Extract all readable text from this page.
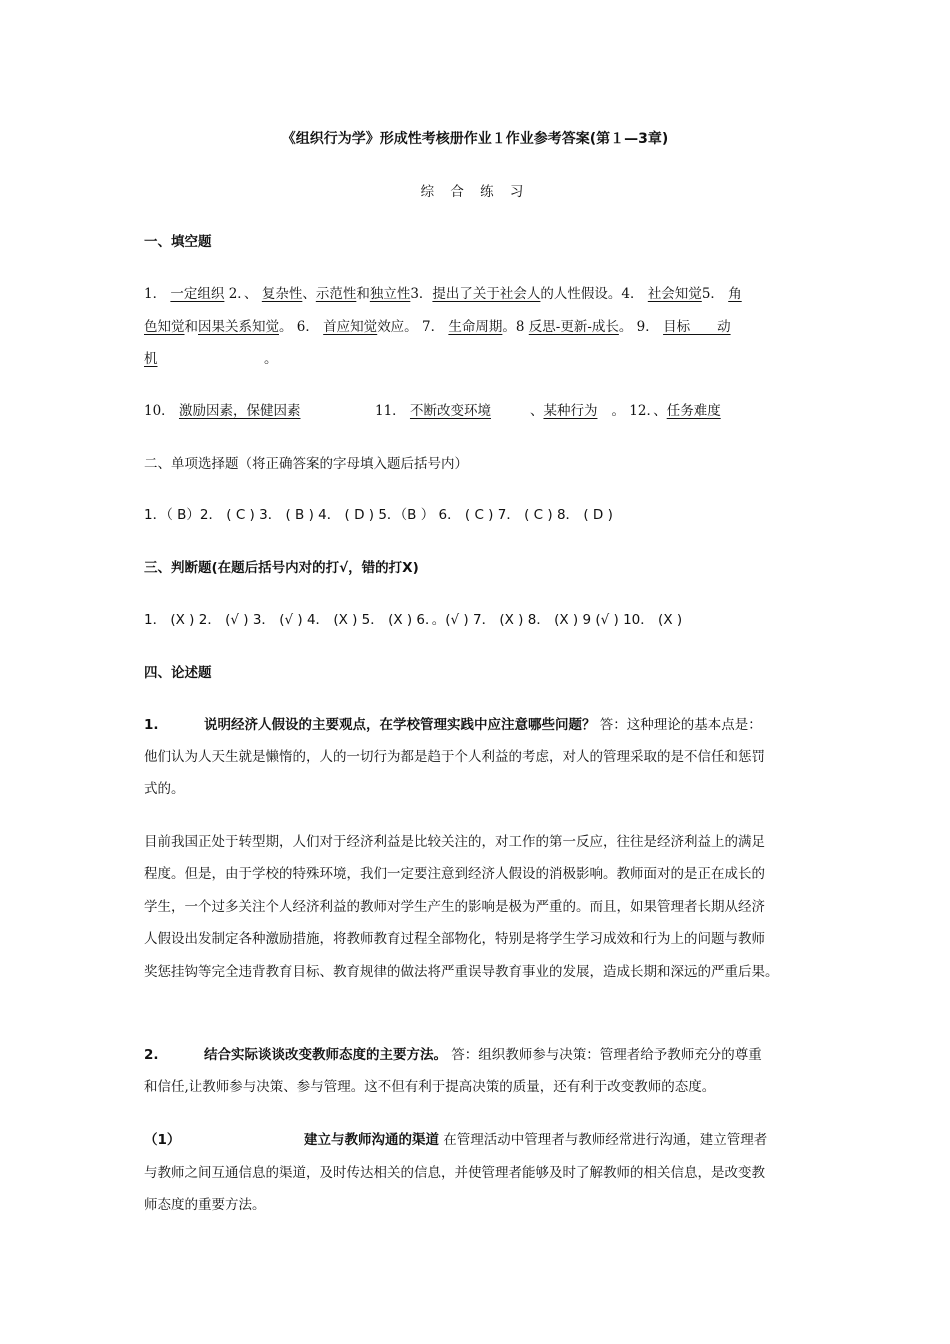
《组织行为学》形成性考核册作业１作业参考答案(第１—3章)
综 合 练 习
一、填空题
1． 一定组织 2．、 复杂性、示范性和独立性3．提出了关于社会人的人性假设。4． 社会知觉5． 角
色知觉和因果关系知觉。 6． 首应知觉效应。 7． 生命周期。8 反思-更新-成长。 9． 目标　　动
机	。
10． 激励因素，保健因素	11． 不断改变环境	、某种行为 。 12．、任务难度
二、单项选择题（将正确答案的字母填入题后括号内）
1．（ B）2． ( C ) 3． ( B ) 4． ( D ) 5．（B ） 6． ( C ) 7． ( C ) 8． ( D )
三、判断题(在题后括号内对的打√，错的打X)
1． (X ) 2． (√ ) 3． (√ ) 4． (X ) 5． (X ) 6．。(√ ) 7． (X ) 8． (X ) 9 (√ ) 10． (X )
四、论述题
1.	说明经济人假设的主要观点，在学校管理实践中应注意哪些问题？ 答：这种理论的基本点是：
他们认为人天生就是懒惰的，人的一切行为都是趋于个人利益的考虑，对人的管理采取的是不信任和惩罚
式的。
目前我国正处于转型期，人们对于经济利益是比较关注的，对工作的第一反应，往往是经济利益上的满足
程度。但是，由于学校的特殊环境，我们一定要注意到经济人假设的消极影响。教师面对的是正在成长的
学生，一个过多关注个人经济利益的教师对学生产生的影响是极为严重的。而且，如果管理者长期从经济
人假设出发制定各种激励措施，将教师教育过程全部物化，特别是将学生学习成效和行为上的问题与教师
奖惩挂钩等完全违背教育目标、教育规律的做法将严重误导教育事业的发展，造成长期和深远的严重后果。
2.	结合实际谈谈改变教师态度的主要方法。 答：组织教师参与决策：管理者给予教师充分的尊重
和信任,让教师参与决策、参与管理。这不但有利于提高决策的质量，还有利于改变教师的态度。
（1）	建立与教师沟通的渠道 在管理活动中管理者与教师经常进行沟通，建立管理者
与教师之间互通信息的渠道，及时传达相关的信息，并使管理者能够及时了解教师的相关信息，是改变教
师态度的重要方法。
